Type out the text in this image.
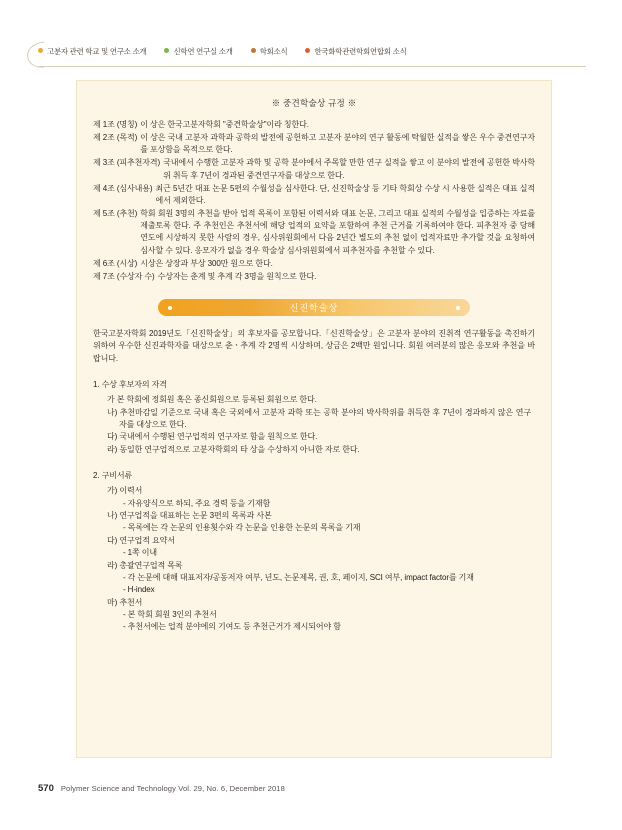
고분자 관련 학교 및 연구소 소개	신학연 연구실 소개	학회소식	한국화학관련학회연합회 소식
※ 중견학술상 규정 ※
제 1조 (명칭) 이 상은 한국고분자학회 "중견학술상"이라 칭한다.
제 2조 (목적) 이 상은 국내 고분자 과학과 공학의 발전에 공헌하고 고분자 분야의 연구 활동에 탁월한 실적을 쌓은 우수 중견연구자를 포상함을 목적으로 한다.
제 3조 (피추천자격) 국내에서 수행한 고분자 과학 및 공학 분야에서 주목할 만한 연구 실적을 쌓고 이 분야의 발전에 공헌한 박사학위 취득 후 7년이 경과된 중견연구자를 대상으로 한다.
제 4조 (심사내용) 최근 5년간 대표 논문 5편의 수월성을 심사한다. 단, 신진학술상 등 기타 학회상 수상 시 사용한 실적은 대표 실적에서 제외한다.
제 5조 (추천) 학회 회원 3명의 추천을 받아 업적 목록이 포함된 이력서와 대표 논문, 그리고 대표 실적의 수월성을 입증하는 자료를 제출토록 한다. 주 추천인은 추천서에 해당 업적의 요약을 포함하여 추천 근거를 기록하여야 한다. 피추천자 중 당해 연도에 시상하지 못한 사람의 경우, 심사위원회에서 다음 2년간 별도의 추천 없이 업적자료만 추가할 것을 요청하여 심사할 수 있다. 응모자가 없을 경우 학술상 심사위원회에서 피추천자를 추천할 수 있다.
제 6조 (시상) 시상은 상장과 부상 300만 원으로 한다.
제 7조 (수상자 수) 수상자는 춘계 및 추계 각 3명을 원칙으로 한다.
신진학술상
한국고분자학회 2019년도「신진학술상」의 후보자를 공모합니다.「신진학술상」은 고분자 분야의 진취적 연구활동을 촉진하기 위하여 우수한 신진과학자를 대상으로 춘ㆍ추계 각 2명씩 시상하며, 상금은 2백만 원입니다. 회원 여러분의 많은 응모와 추천을 바랍니다.
1. 수상 후보자의 자격
가 본 학회에 정회원 혹은 종신회원으로 등록된 회원으로 한다.
나) 추천마감일 기준으로 국내 혹은 국외에서 고분자 과학 또는 공학 분야의 박사학위를 취득한 후 7년이 경과하지 않은 연구자를 대상으로 한다.
다) 국내에서 수행된 연구업적의 연구자로 함을 원칙으로 한다.
라) 동일한 연구업적으로 고분자학회의 타 상을 수상하지 아니한 자로 한다.
2. 구비서류
가) 이력서
- 자유양식으로 하되, 주요 경력 등을 기재함
나) 연구업적을 대표하는 논문 3편의 목록과 사본
- 목록에는 각 논문의 인용횟수와 각 논문을 인용한 논문의 목록을 기재
다) 연구업적 요약서
- 1쪽 이내
라) 총괄연구업적 목록
- 각 논문에 대해 대표저자/공동저자 여부, 년도, 논문제목, 권, 호, 페이지, SCI 여부, impact factor를 기재
- H-index
마) 추천서
- 본 학회 회원 3인의 추천서
- 추천서에는 업적 분야에의 기여도 등 추천근거가 제시되어야 함
570 Polymer Science and Technology Vol. 29, No. 6, December 2018
